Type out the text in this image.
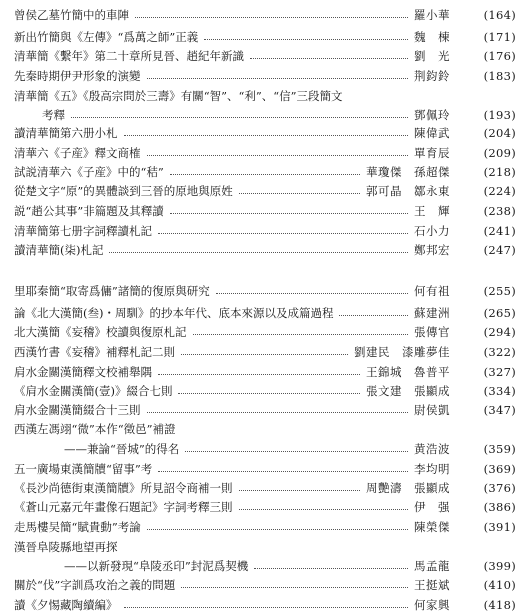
曾侯乙墓竹簡中的車陣	羅小華	(164)
新出竹簡與《左傳》“爲萬之師”正義	魏　棟	(171)
清華簡《繫年》第二十章所見晉、趙紀年新識	劉　光	(176)
先秦時期伊尹形象的演變	荆鈞鈴	(183)
清華簡《五》《殷高宗問於三壽》有關“智”、“利”、“信”三段簡文
考釋	鄧佩玲	(193)
讀清華簡第六册小札	陳偉武	(204)
清華六《子産》釋文商榷	單育辰	(209)
試説清華六《子産》中的“秸”	華瓊傑　孫超傑	(218)
從楚文字“原”的異體談到三晉的原地與原姓	郭可晶　鄒永東	(224)
説“趙公其事”非篇題及其釋讀	王　輝	(238)
清華簡第七册字詞釋讀札記	石小力	(241)
讀清華簡(柒)札記	鄭邦宏	(247)
里耶秦簡“取寄爲傭”諸簡的復原與研究	何有祖	(255)
論《北大漢簡(叁)・周馴》的抄本年代、底本來源以及成篇過程	蘇建洲	(265)
北大漢簡《妄稽》校讀與復原札記	張傳官	(294)
西漢竹書《妄稽》補釋札記二則	劉建民　漆雕夢佳	(322)
肩水金關漢簡釋文校補舉隅	王錦城　魯普平	(327)
《肩水金關漢簡(壹)》綴合七則	張文建　張顯成	(334)
肩水金關漢簡綴合十三則	尉侯凱	(347)
西漢左馮翊“微”本作“徵邑”補證
——兼論“晉城”的得名	黄浩波	(359)
五一廣場東漢簡牘“留事”考	李均明	(369)
《長沙尚德街東漢簡牘》所見詔令商補一則	周艷濤　張顯成	(376)
《蒼山元嘉元年畫像石題記》字詞考釋三則	伊　强	(386)
走馬樓吴簡“賦貴動”考論	陳榮傑	(391)
漢晉阜陵縣地望再探
——以新發現“阜陵丞印”封泥爲契機	馬孟龍	(399)
關於“伐”字訓爲攻治之義的問題	王挺斌	(410)
讀《夕惕藏陶續編》	何家興	(418)
